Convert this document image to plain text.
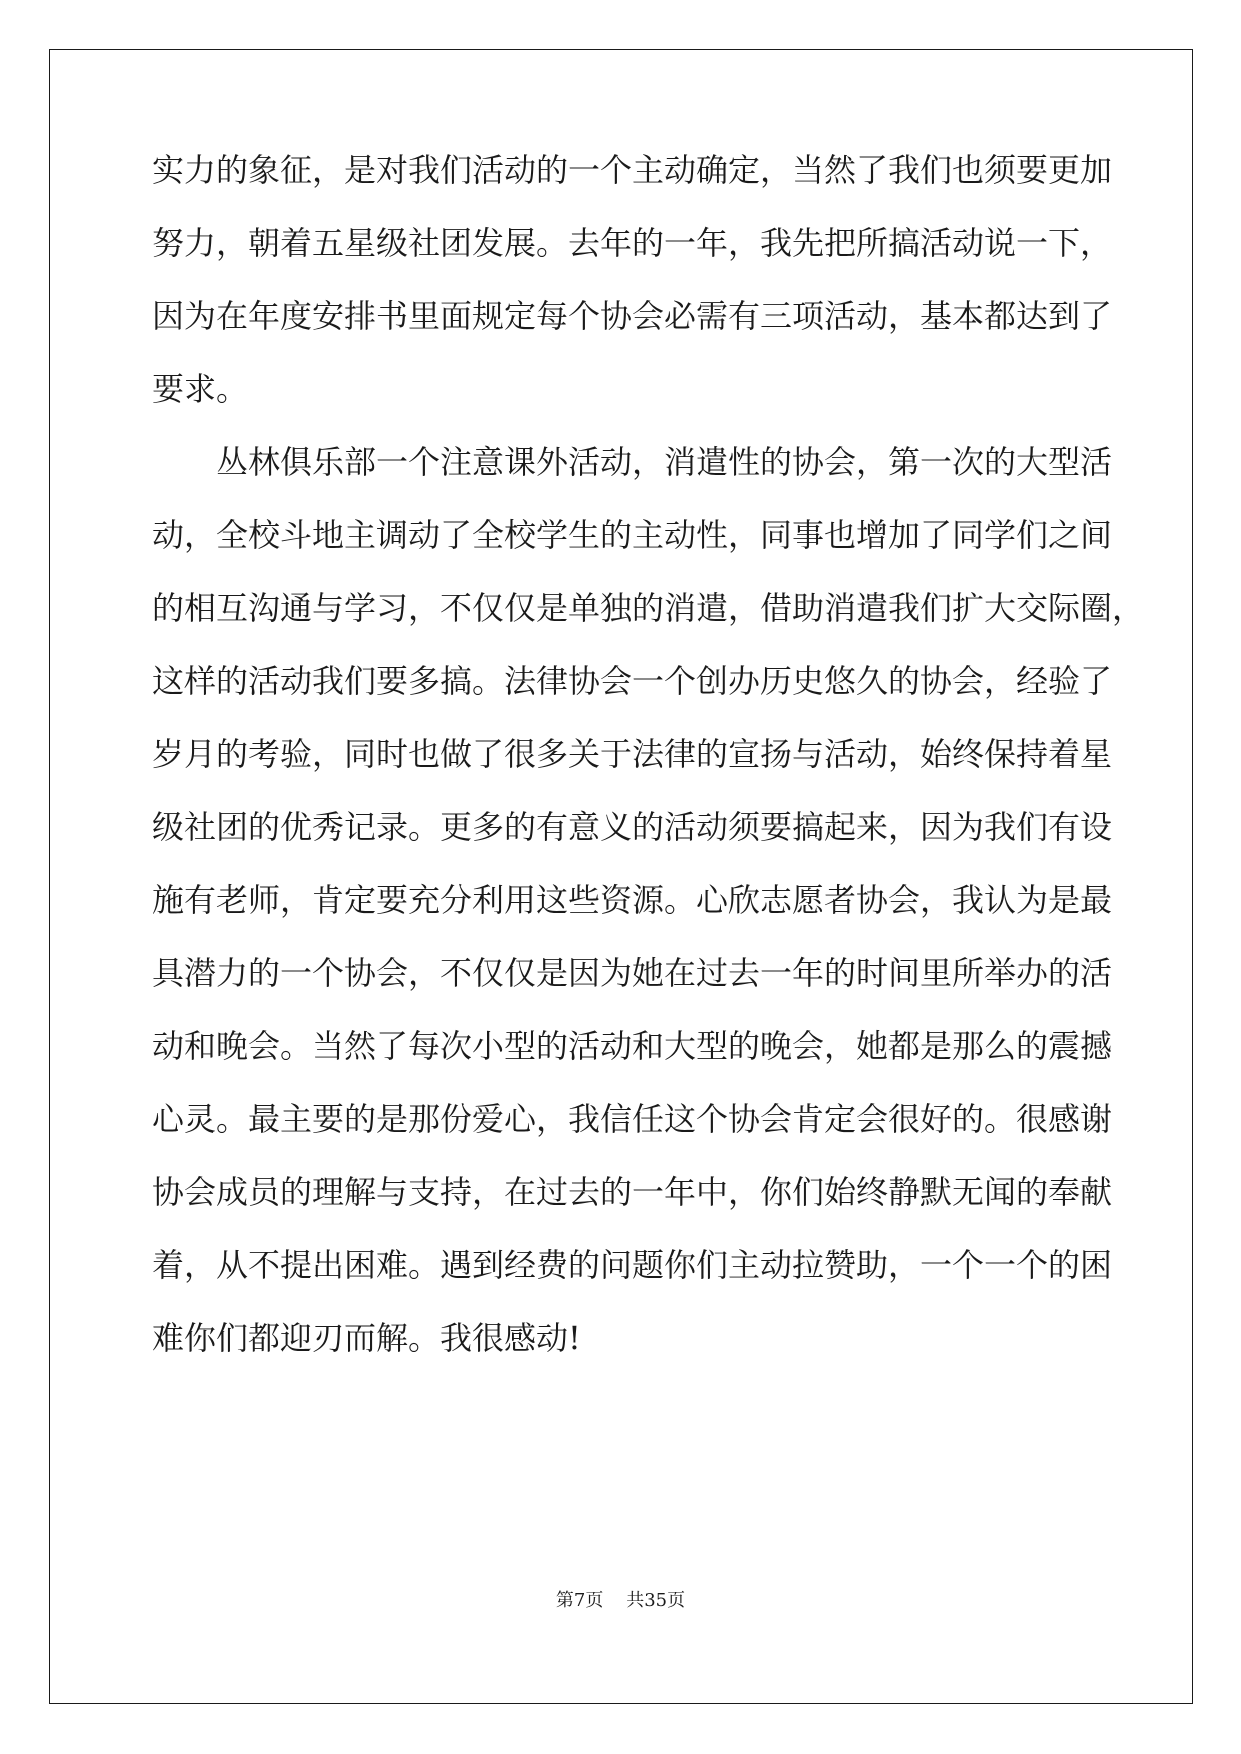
实力的象征，是对我们活动的一个主动确定，当然了我们也须要更加
努力，朝着五星级社团发展。去年的一年，我先把所搞活动说一下，
因为在年度安排书里面规定每个协会必需有三项活动，基本都达到了
要求。
丛林俱乐部一个注意课外活动，消遣性的协会，第一次的大型活
动，全校斗地主调动了全校学生的主动性，同事也增加了同学们之间
的相互沟通与学习，不仅仅是单独的消遣，借助消遣我们扩大交际圈，
这样的活动我们要多搞。法律协会一个创办历史悠久的协会，经验了
岁月的考验，同时也做了很多关于法律的宣扬与活动，始终保持着星
级社团的优秀记录。更多的有意义的活动须要搞起来，因为我们有设
施有老师，肯定要充分利用这些资源。心欣志愿者协会，我认为是最
具潜力的一个协会，不仅仅是因为她在过去一年的时间里所举办的活
动和晚会。当然了每次小型的活动和大型的晚会，她都是那么的震撼
心灵。最主要的是那份爱心，我信任这个协会肯定会很好的。很感谢
协会成员的理解与支持，在过去的一年中，你们始终静默无闻的奉献
着，从不提出困难。遇到经费的问题你们主动拉赞助，一个一个的困
难你们都迎刃而解。我很感动!
第7页    共35页
